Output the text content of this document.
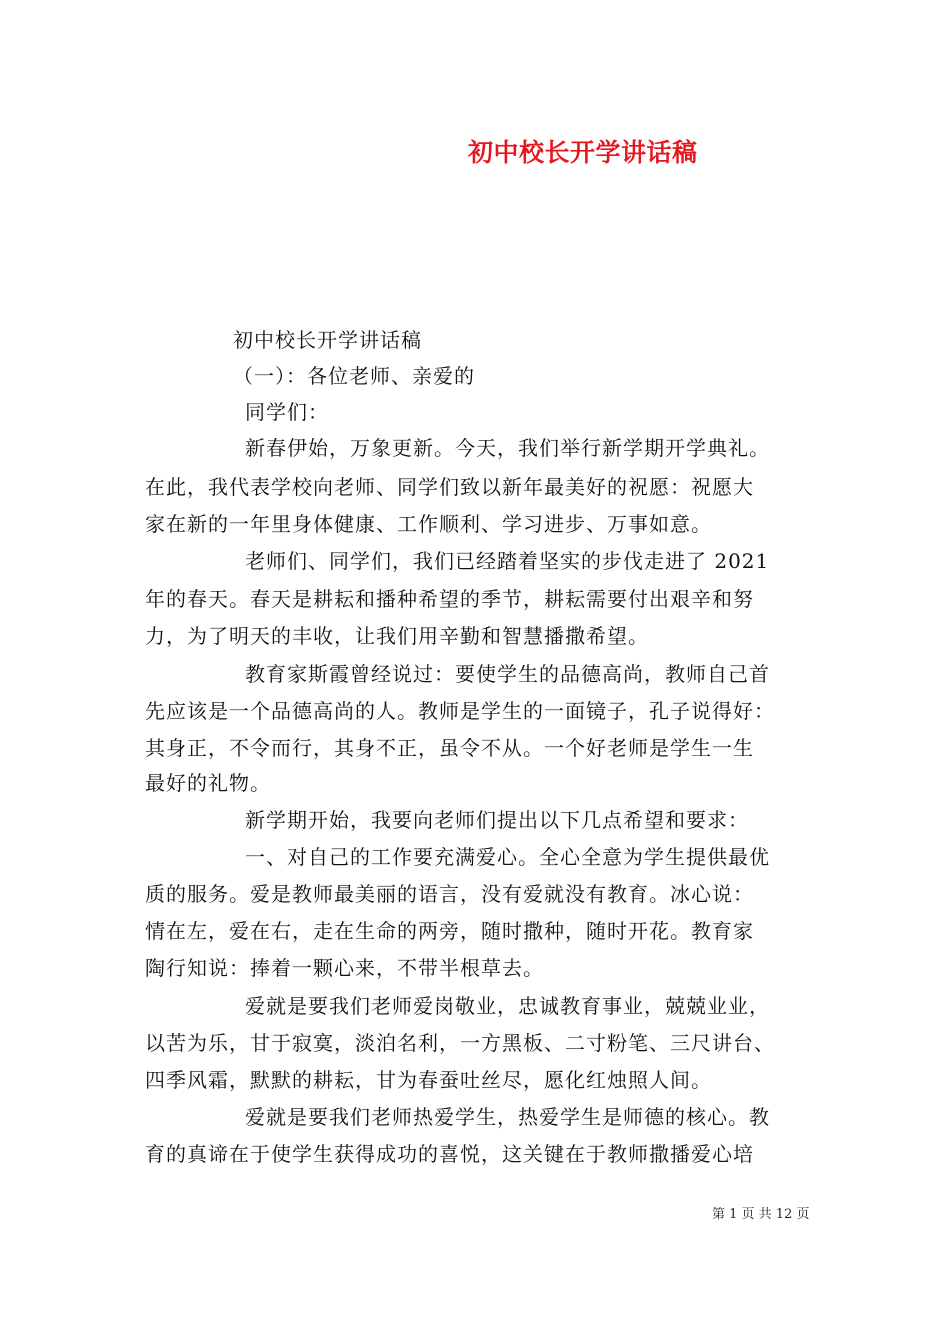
初中校长开学讲话稿
初中校长开学讲话稿
（一）：各位老师、亲爱的
同学们：
新春伊始，万象更新。今天，我们举行新学期开学典礼。
在此，我代表学校向老师、同学们致以新年最美好的祝愿：祝愿大
家在新的一年里身体健康、工作顺利、学习进步、万事如意。
老师们、同学们，我们已经踏着坚实的步伐走进了 2021
年的春天。春天是耕耘和播种希望的季节，耕耘需要付出艰辛和努
力，为了明天的丰收，让我们用辛勤和智慧播撒希望。
教育家斯霞曾经说过：要使学生的品德高尚，教师自己首
先应该是一个品德高尚的人。教师是学生的一面镜子，孔子说得好：
其身正，不令而行，其身不正，虽令不从。一个好老师是学生一生
最好的礼物。
新学期开始，我要向老师们提出以下几点希望和要求：
一、对自己的工作要充满爱心。全心全意为学生提供最优
质的服务。爱是教师最美丽的语言，没有爱就没有教育。冰心说：
情在左，爱在右，走在生命的两旁，随时撒种，随时开花。教育家
陶行知说：捧着一颗心来，不带半根草去。
爱就是要我们老师爱岗敬业，忠诚教育事业，兢兢业业，
以苦为乐，甘于寂寞，淡泊名利，一方黑板、二寸粉笔、三尺讲台、
四季风霜，默默的耕耘，甘为春蚕吐丝尽，愿化红烛照人间。
爱就是要我们老师热爱学生，热爱学生是师德的核心。教
育的真谛在于使学生获得成功的喜悦，这关键在于教师撒播爱心培
第 1 页 共 12 页
